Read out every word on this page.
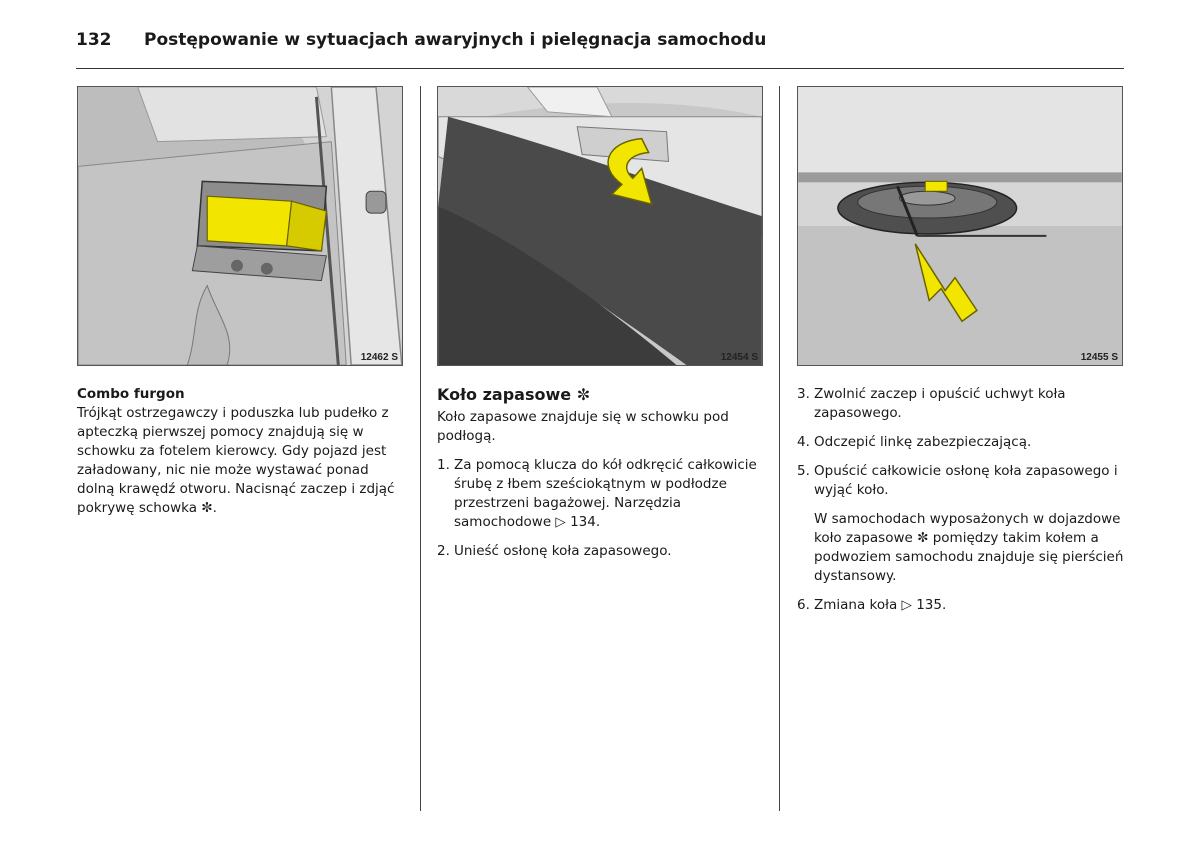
132 Postępowanie w sytuacjach awaryjnych i pielęgnacja samochodu
12462 S	12454 S	12455 S
Combo furgon

Trójkąt ostrzegawczy i poduszka lub pudełko z apteczką pierwszej pomocy znajdują się w schowku za fotelem kierowcy. Gdy pojazd jest załadowany, nic nie może wystawać ponad dolną krawędź otworu. Nacisnąć zaczep i zdjąć pokrywę schowka ✼.

Koło zapasowe ✼

Koło zapasowe znajduje się w schowku pod podłogą.

1. Za pomocą klucza do kół odkręcić całkowicie śrubę z łbem sześciokątnym w podłodze przestrzeni bagażowej. Narzędzia samochodowe ▷ 134.
2. Unieść osłonę koła zapasowego.
3. Zwolnić zaczep i opuścić uchwyt koła zapasowego.
4. Odczepić linkę zabezpieczającą.
5. Opuścić całkowicie osłonę koła zapasowego i wyjąć koło.

W samochodach wyposażonych w dojazdowe koło zapasowe ✼ pomiędzy takim kołem a podwoziem samochodu znajduje się pierścień dystansowy.

6. Zmiana koła ▷ 135.
